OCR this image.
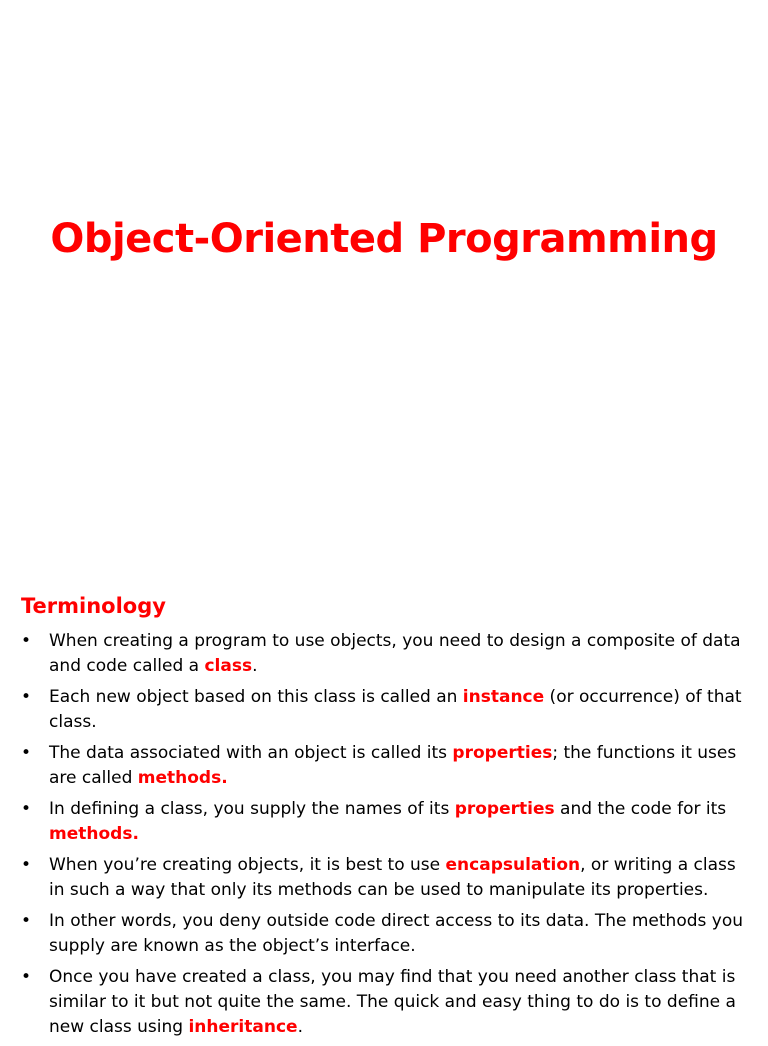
Object-Oriented Programming
Terminology
• When creating a program to use objects, you need to design a composite of data and code called a class.
• Each new object based on this class is called an instance (or occurrence) of that class.
• The data associated with an object is called its properties; the functions it uses are called methods.
• In defining a class, you supply the names of its properties and the code for its methods.
• When you’re creating objects, it is best to use encapsulation, or writing a class in such a way that only its methods can be used to manipulate its properties.
• In other words, you deny outside code direct access to its data. The methods you supply are known as the object’s interface.
• Once you have created a class, you may find that you need another class that is similar to it but not quite the same. The quick and easy thing to do is to define a new class using inheritance.
